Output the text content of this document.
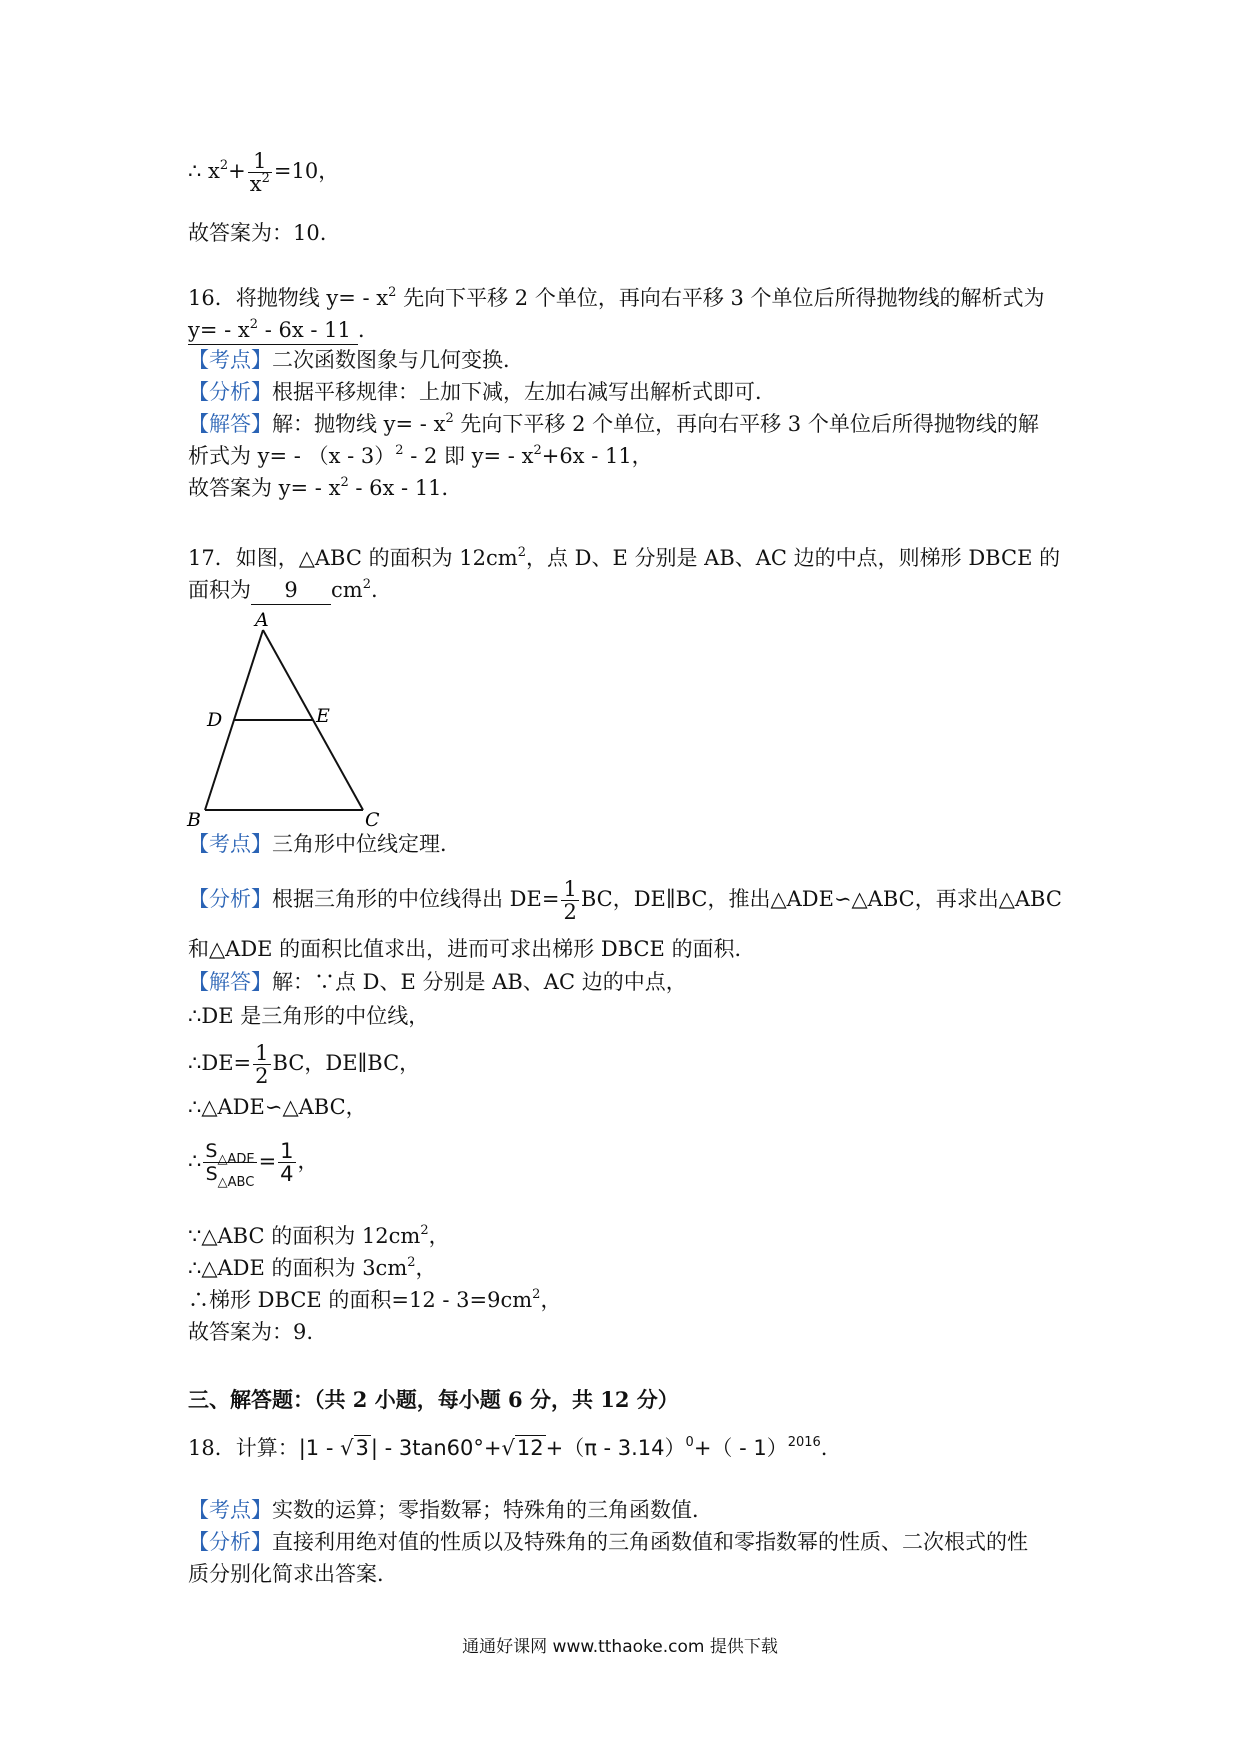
∴ $x^2+ \frac{1}{x^2} =10$，
故答案为：10.
16．将抛物线 $y= - x^2$ 先向下平移 2 个单位，再向右平移 3 个单位后所得抛物线的解析式为
$y= - x^2 - 6x - 11$ ．
【考点】二次函数图象与几何变换．
【分析】根据平移规律：上加下减，左加右减写出解析式即可．
【解答】解：抛物线 $y= - x^2$ 先向下平移 2 个单位，再向右平移 3 个单位后所得抛物线的解
析式为 y= - （x - 3）$^2$ - 2 即 $y= - x^2+6x - 11$，
故答案为 $y= - x^2 - 6x - 11$．
17．如图，△ABC 的面积为 $12cm^2$，点 D、E 分别是 AB、AC 边的中点，则梯形 DBCE 的
面积为 9 $cm^2$.
A
D	E
B	C
【考点】三角形中位线定理．
【分析】根据三角形的中位线得出 $DE= \frac{1}{2}$ BC，DE∥BC，推出△ADE∽△ABC，再求出△ABC
和△ADE 的面积比值求出，进而可求出梯形 DBCE 的面积．
【解答】解：∵点 D、E 分别是 AB、AC 边的中点，
∴DE 是三角形的中位线，
∴DE= $\frac{1}{2}$ BC，DE∥BC，
∴△ADE∽△ABC，
∴ $\frac{S_{\triangle ADE}}{S_{\triangle ABC}} = \frac{1}{4}$ ，
∵△ABC 的面积为 $12cm^2$，
∴△ADE 的面积为 $3cm^2$，
∴梯形 DBCE 的面积$=12 - 3=9cm^2$，
故答案为：9.
三、解答题：（共 2 小题，每小题 6 分，共 12 分）
18．计算：|1 - √3| - 3tan60°+√12+（π - 3.14）$^0$+（ - 1）$^{2016}$.
【考点】实数的运算；零指数幂；特殊角的三角函数值．
【分析】直接利用绝对值的性质以及特殊角的三角函数值和零指数幂的性质、二次根式的性
质分别化简求出答案．
通通好课网 www.tthaoke.com 提供下载
